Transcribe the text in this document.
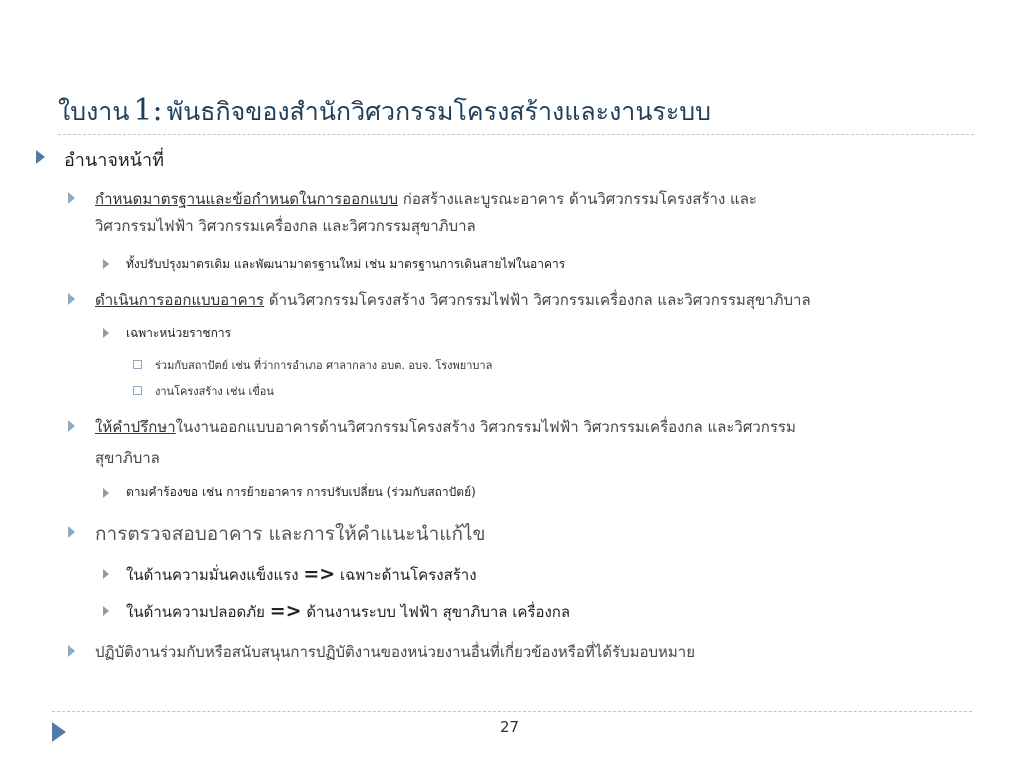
ใบงาน 1: พันธกิจของสำนักวิศวกรรมโครงสร้างและงานระบบ
อำนาจหน้าที่
กำหนดมาตรฐานและข้อกำหนดในการออกแบบ ก่อสร้างและบูรณะอาคาร ด้านวิศวกรรมโครงสร้าง และ
วิศวกรรมไฟฟ้า วิศวกรรมเครื่องกล และวิศวกรรมสุขาภิบาล
ทั้งปรับปรุงมาตรเดิม และพัฒนามาตรฐานใหม่ เช่น มาตรฐานการเดินสายไฟในอาคาร
ดำเนินการออกแบบอาคาร ด้านวิศวกรรมโครงสร้าง วิศวกรรมไฟฟ้า วิศวกรรมเครื่องกล และวิศวกรรมสุขาภิบาล
เฉพาะหน่วยราชการ
ร่วมกับสถาปัตย์ เช่น ที่ว่าการอำเภอ ศาลากลาง อบต. อบจ. โรงพยาบาล
งานโครงสร้าง เช่น เขื่อน
ให้คำปรึกษาในงานออกแบบอาคารด้านวิศวกรรมโครงสร้าง วิศวกรรมไฟฟ้า วิศวกรรมเครื่องกล และวิศวกรรม
สุขาภิบาล
ตามคำร้องขอ เช่น การย้ายอาคาร การปรับเปลี่ยน (ร่วมกับสถาปัตย์)
การตรวจสอบอาคาร และการให้คำแนะนำแก้ไข
ในด้านความมั่นคงแข็งแรง => เฉพาะด้านโครงสร้าง
ในด้านความปลอดภัย => ด้านงานระบบ ไฟฟ้า สุขาภิบาล เครื่องกล
ปฏิบัติงานร่วมกับหรือสนับสนุนการปฏิบัติงานของหน่วยงานอื่นที่เกี่ยวข้องหรือที่ได้รับมอบหมาย
27
